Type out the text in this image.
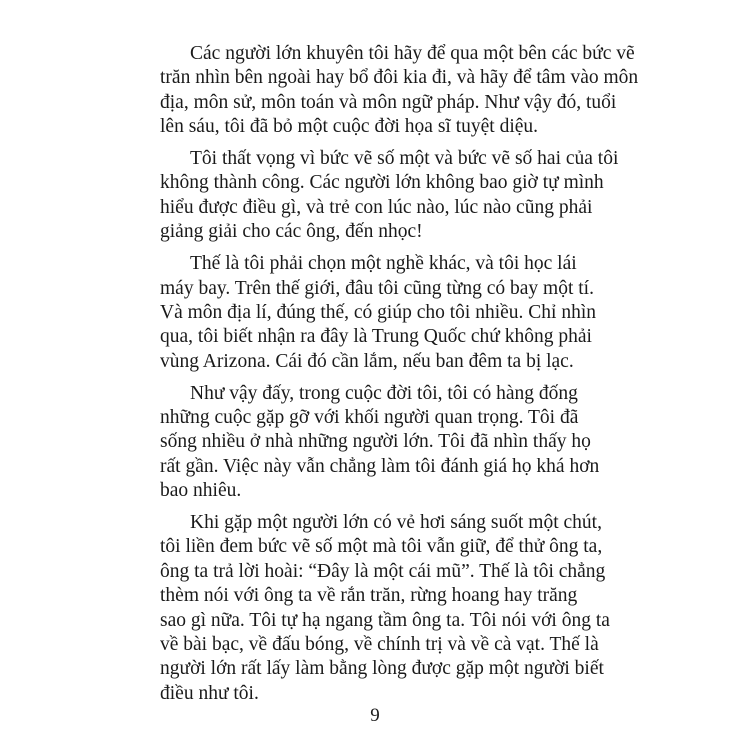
Các người lớn khuyên tôi hãy để qua một bên các bức vẽ
trăn nhìn bên ngoài hay bổ đôi kia đi, và hãy để tâm vào môn
địa, môn sử, môn toán và môn ngữ pháp. Như vậy đó, tuổi
lên sáu, tôi đã bỏ một cuộc đời họa sĩ tuyệt diệu.
Tôi thất vọng vì bức vẽ số một và bức vẽ số hai của tôi
không thành công. Các người lớn không bao giờ tự mình
hiểu được điều gì, và trẻ con lúc nào, lúc nào cũng phải
giảng giải cho các ông, đến nhọc!
Thế là tôi phải chọn một nghề khác, và tôi học lái
máy bay. Trên thế giới, đâu tôi cũng từng có bay một tí.
Và môn địa lí, đúng thế, có giúp cho tôi nhiều. Chỉ nhìn
qua, tôi biết nhận ra đây là Trung Quốc chứ không phải
vùng Arizona. Cái đó cần lắm, nếu ban đêm ta bị lạc.
Như vậy đấy, trong cuộc đời tôi, tôi có hàng đống
những cuộc gặp gỡ với khối người quan trọng. Tôi đã
sống nhiều ở nhà những người lớn. Tôi đã nhìn thấy họ
rất gần. Việc này vẫn chẳng làm tôi đánh giá họ khá hơn
bao nhiêu.
Khi gặp một người lớn có vẻ hơi sáng suốt một chút,
tôi liền đem bức vẽ số một mà tôi vẫn giữ, để thử ông ta,
ông ta trả lời hoài: “Đây là một cái mũ”. Thế là tôi chẳng
thèm nói với ông ta về rắn trăn, rừng hoang hay trăng
sao gì nữa. Tôi tự hạ ngang tầm ông ta. Tôi nói với ông ta
về bài bạc, về đấu bóng, về chính trị và về cà vạt. Thế là
người lớn rất lấy làm bằng lòng được gặp một người biết
điều như tôi.
9
